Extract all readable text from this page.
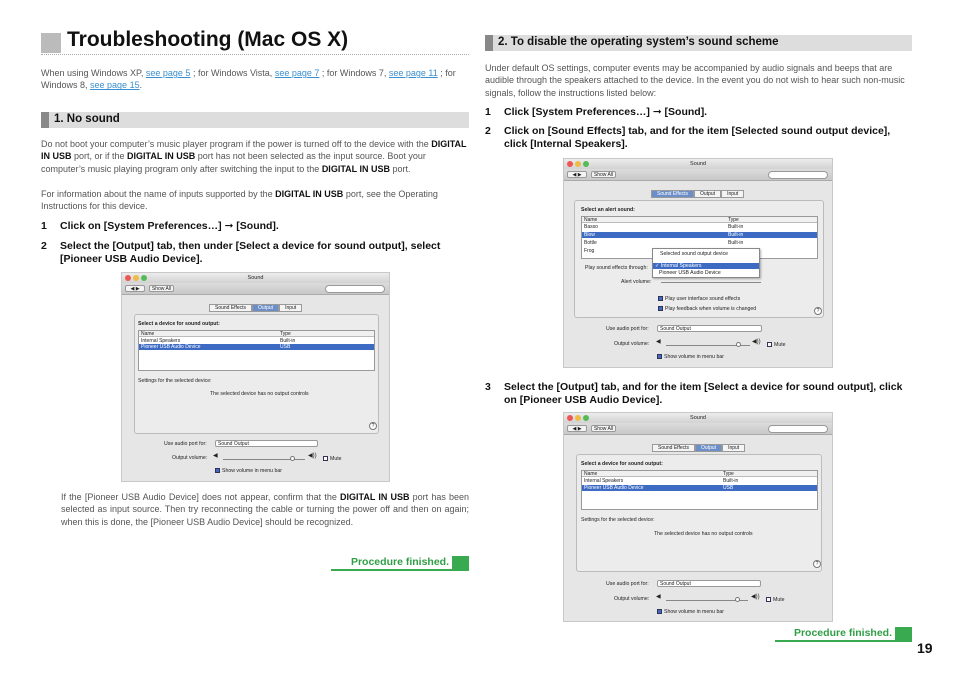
Troubleshooting (Mac OS X)
When using Windows XP, see page 5 ; for Windows Vista, see page 7 ; for Windows 7, see page 11 ; for Windows 8, see page 15.
1. No sound
Do not boot your computer’s music player program if the power is turned off to the device with the DIGITAL IN USB port, or if the DIGITAL IN USB port has not been selected as the input source. Boot your computer’s music playing program only after switching the input to the DIGITAL IN USB port.
For information about the name of inputs supported by the DIGITAL IN USB port, see the Operating Instructions for this device.
1 Click on [System Preferences…] ➞ [Sound].
2 Select the [Output] tab, then under [Select a device for sound output], select [Pioneer USB Audio Device].
Sound
◀ ▶	Show All
Sound Effects	Output	Input
Select a device for sound output:
Name	Type
Internal Speakers	Built-in
Pioneer USB Audio Device	USB
Settings for the selected device:
The selected device has no output controls
?
Use audio port for:	Sound Output
Output volume: ◀	◀))	Mute
Show volume in menu bar
If the [Pioneer USB Audio Device] does not appear, confirm that the DIGITAL IN USB port has been selected as input source. Then try reconnecting the cable or turning the power off and then on again; when this is done, the [Pioneer USB Audio Device] should be recognized.
Procedure finished.
2. To disable the operating system’s sound scheme
Under default OS settings, computer events may be accompanied by audio signals and beeps that are audible through the speakers attached to the device. In the event you do not wish to hear such non-music signals, follow the instructions listed below:
1 Click [System Preferences…] ➞ [Sound].
2 Click on [Sound Effects] tab, and for the item [Selected sound output device], click [Internal Speakers].
Sound
◀ ▶	Show All
Sound Effects	Output	Input
Select an alert sound:
Name	Type
Basso	Built-in
Blow	Built-in
Bottle	Built-in
Frog
Play sound effects through:
Alert volume:
Play user interface sound effects
Play feedback when volume is changed	?
Selected sound output device
✓ Internal Speakers
Pioneer USB Audio Device
Use audio port for:	Sound Output
Output volume: ◀	◀))	Mute
Show volume in menu bar
3 Select the [Output] tab, and for the item [Select a device for sound output], click on [Pioneer USB Audio Device].
Sound
◀ ▶	Show All
Sound Effects	Output	Input
Select a device for sound output:
Name	Type
Internal Speakers	Built-in
Pioneer USB Audio Device	USB
Settings for the selected device:
The selected device has no output controls
?
Use audio port for:	Sound Output
Output volume: ◀	◀))	Mute
Show volume in menu bar
Procedure finished.
19
